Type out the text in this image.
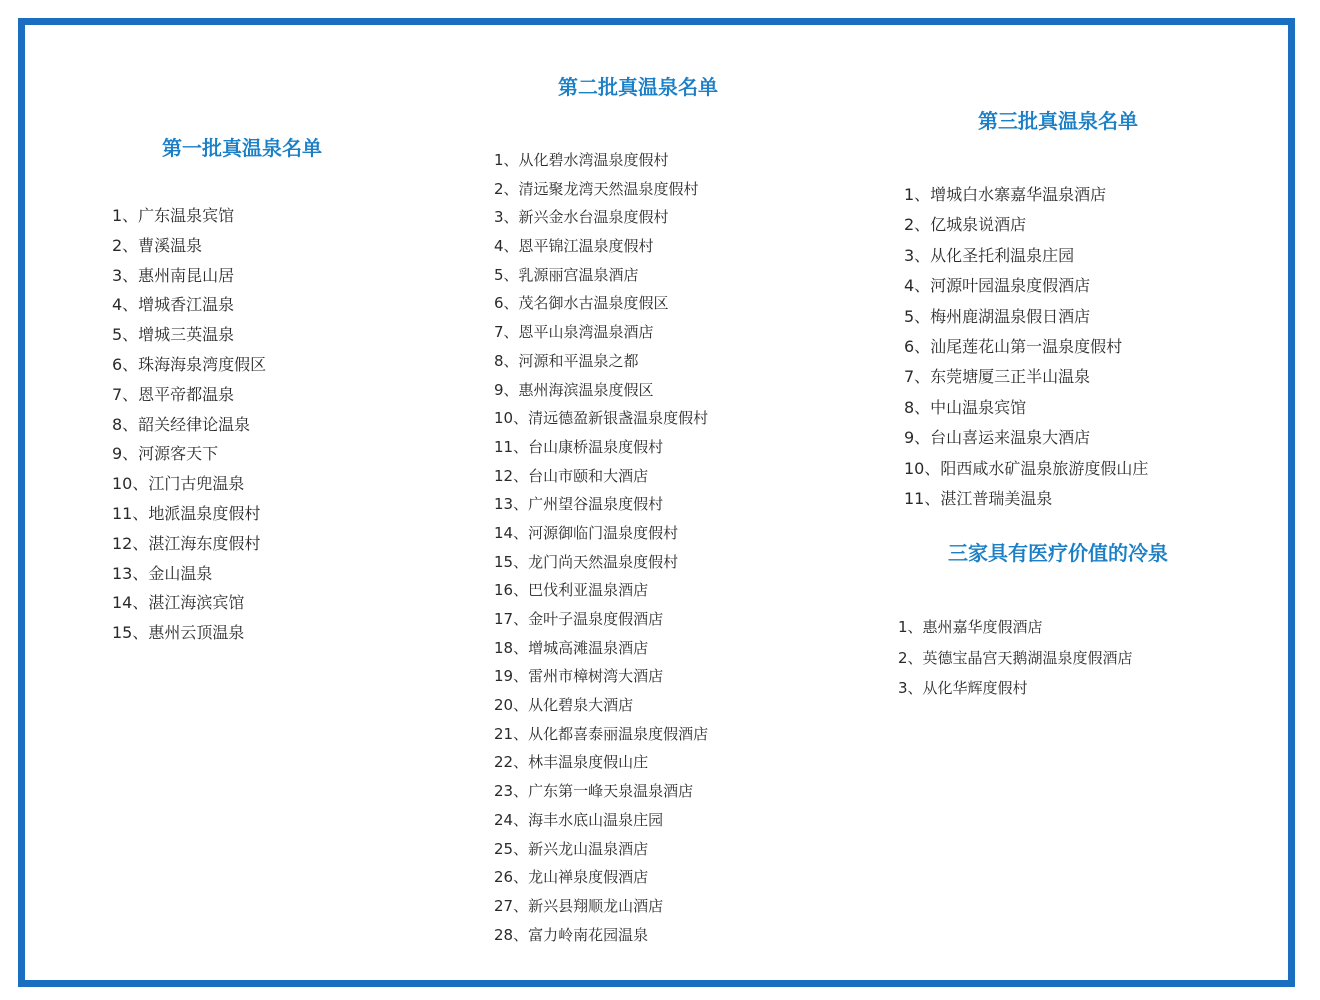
第一批真温泉名单
1、广东温泉宾馆
2、曹溪温泉
3、惠州南昆山居
4、增城香江温泉
5、增城三英温泉
6、珠海海泉湾度假区
7、恩平帝都温泉
8、韶关经律论温泉
9、河源客天下
10、江门古兜温泉
11、地派温泉度假村
12、湛江海东度假村
13、金山温泉
14、湛江海滨宾馆
15、惠州云顶温泉
第二批真温泉名单
1、从化碧水湾温泉度假村
2、清远聚龙湾天然温泉度假村
3、新兴金水台温泉度假村
4、恩平锦江温泉度假村
5、乳源丽宫温泉酒店
6、茂名御水古温泉度假区
7、恩平山泉湾温泉酒店
8、河源和平温泉之都
9、惠州海滨温泉度假区
10、清远德盈新银盏温泉度假村
11、台山康桥温泉度假村
12、台山市颐和大酒店
13、广州望谷温泉度假村
14、河源御临门温泉度假村
15、龙门尚天然温泉度假村
16、巴伐利亚温泉酒店
17、金叶子温泉度假酒店
18、增城高滩温泉酒店
19、雷州市樟树湾大酒店
20、从化碧泉大酒店
21、从化都喜泰丽温泉度假酒店
22、林丰温泉度假山庄
23、广东第一峰天泉温泉酒店
24、海丰水底山温泉庄园
25、新兴龙山温泉酒店
26、龙山禅泉度假酒店
27、新兴县翔顺龙山酒店
28、富力岭南花园温泉
第三批真温泉名单
1、增城白水寨嘉华温泉酒店
2、亿城泉说酒店
3、从化圣托利温泉庄园
4、河源叶园温泉度假酒店
5、梅州鹿湖温泉假日酒店
6、汕尾莲花山第一温泉度假村
7、东莞塘厦三正半山温泉
8、中山温泉宾馆
9、台山喜运来温泉大酒店
10、阳西咸水矿温泉旅游度假山庄
11、湛江普瑞美温泉
三家具有医疗价值的冷泉
1、惠州嘉华度假酒店
2、英德宝晶宫天鹅湖温泉度假酒店
3、从化华辉度假村
